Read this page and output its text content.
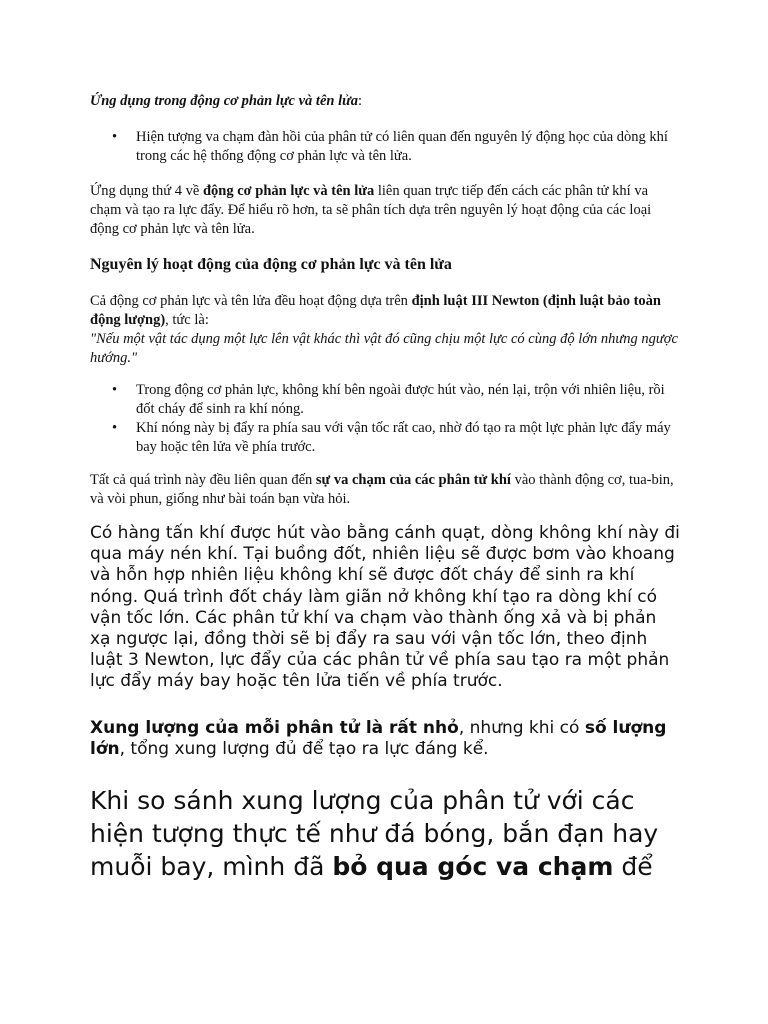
Ứng dụng trong động cơ phản lực và tên lửa:

• Hiện tượng va chạm đàn hồi của phân tử có liên quan đến nguyên lý động học của dòng khí trong các hệ thống động cơ phản lực và tên lửa.

Ứng dụng thứ 4 về động cơ phản lực và tên lửa liên quan trực tiếp đến cách các phân tử khí va chạm và tạo ra lực đẩy. Để hiểu rõ hơn, ta sẽ phân tích dựa trên nguyên lý hoạt động của các loại động cơ phản lực và tên lửa.

Nguyên lý hoạt động của động cơ phản lực và tên lửa

Cả động cơ phản lực và tên lửa đều hoạt động dựa trên định luật III Newton (định luật bảo toàn động lượng), tức là:
"Nếu một vật tác dụng một lực lên vật khác thì vật đó cũng chịu một lực có cùng độ lớn nhưng ngược hướng."

• Trong động cơ phản lực, không khí bên ngoài được hút vào, nén lại, trộn với nhiên liệu, rồi đốt cháy để sinh ra khí nóng.
• Khí nóng này bị đẩy ra phía sau với vận tốc rất cao, nhờ đó tạo ra một lực phản lực đẩy máy bay hoặc tên lửa về phía trước.

Tất cả quá trình này đều liên quan đến sự va chạm của các phân tử khí vào thành động cơ, tua-bin, và vòi phun, giống như bài toán bạn vừa hỏi.

Có hàng tấn khí được hút vào bằng cánh quạt, dòng không khí này đi qua máy nén khí. Tại buồng đốt, nhiên liệu sẽ được bơm vào khoang và hỗn hợp nhiên liệu không khí sẽ được đốt cháy để sinh ra khí nóng. Quá trình đốt cháy làm giãn nở không khí tạo ra dòng khí có vận tốc lớn. Các phân tử khí va chạm vào thành ống xả và bị phản xạ ngược lại, đồng thời sẽ bị đẩy ra sau với vận tốc lớn, theo định luật 3 Newton, lực đẩy của các phân tử về phía sau tạo ra một phản lực đẩy máy bay hoặc tên lửa tiến về phía trước.

Xung lượng của mỗi phân tử là rất nhỏ, nhưng khi có số lượng lớn, tổng xung lượng đủ để tạo ra lực đáng kể.

Khi so sánh xung lượng của phân tử với các hiện tượng thực tế như đá bóng, bắn đạn hay muỗi bay, mình đã bỏ qua góc va chạm để
